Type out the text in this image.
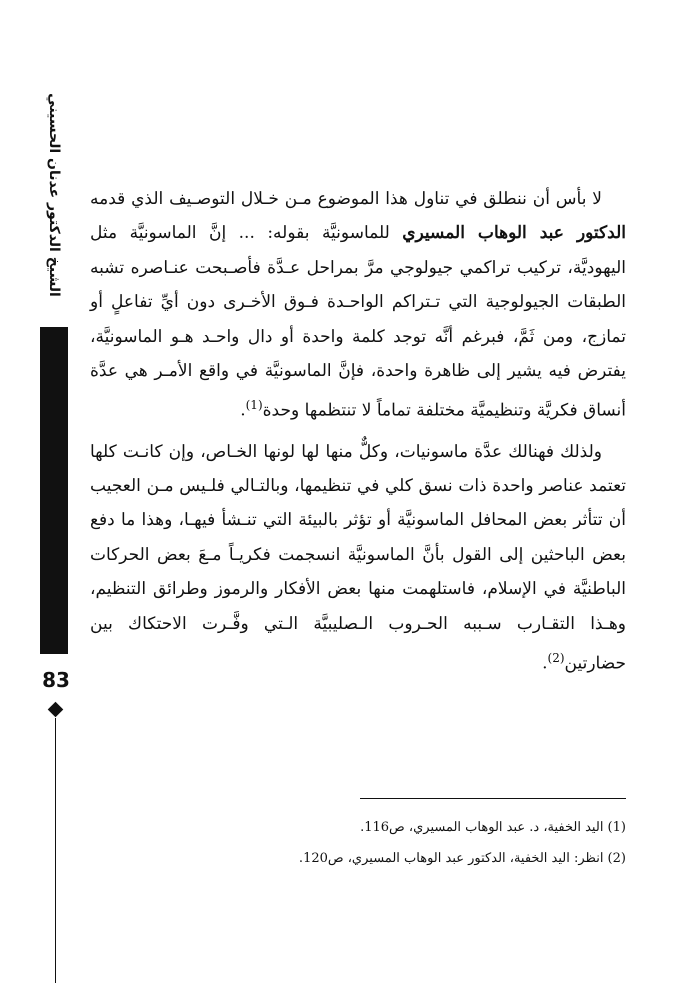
الشيخ الدكتور عدنان الحسيني
83

لا بأس أن ننطلق في تناول هذا الموضوع مـن خـلال التوصـيف الذي قدمه الدكتور عبد الوهاب المسيري للماسونيَّة بقوله: ... إنَّ الماسونيَّة مثل اليهوديَّة، تركيب تراكمي جيولوجي مرَّ بمراحل عـدَّة فأصـبحت عنـاصره تشبه الطبقات الجيولوجية التي تـتراكم الواحـدة فـوق الأخـرى دون أيِّ تفاعلٍ أو تمازج، ومن ثَمَّ، فبرغم أنَّه توجد كلمة واحدة أو دال واحـد هـو الماسونيَّة، يفترض فيه يشير إلى ظاهرة واحدة، فإنَّ الماسونيَّة في واقع الأمـر هي عدَّة أنساق فكريَّة وتنظيميَّة مختلفة تماماً لا تنتظمها وحدة$^{(1)}$.

ولذلك فهنالك عدَّة ماسونيات، وكلٌّ منها لها لونها الخـاص، وإن كانـت كلها تعتمد عناصر واحدة ذات نسق كلي في تنظيمها، وبالتـالي فلـيس مـن العجيب أن تتأثر بعض المحافل الماسونيَّة أو تؤثر بالبيئة التي تنـشأ فيهـا، وهذا ما دفع بعض الباحثين إلى القول بأنَّ الماسونيَّة انسجمت فكريـاً مـعَ بعض الحركات الباطنيَّة في الإسلام، فاستلهمت منها بعض الأفكار والرموز وطرائق التنظيم، وهـذا التقـارب سـببه الحـروب الـصليبيَّة الـتي وفَّـرت الاحتكاك بين حضارتين$^{(2)}$.

(1) اليد الخفية، د. عبد الوهاب المسيري، ص116.
(2) انظر: اليد الخفية، الدكتور عبد الوهاب المسيري، ص120.
